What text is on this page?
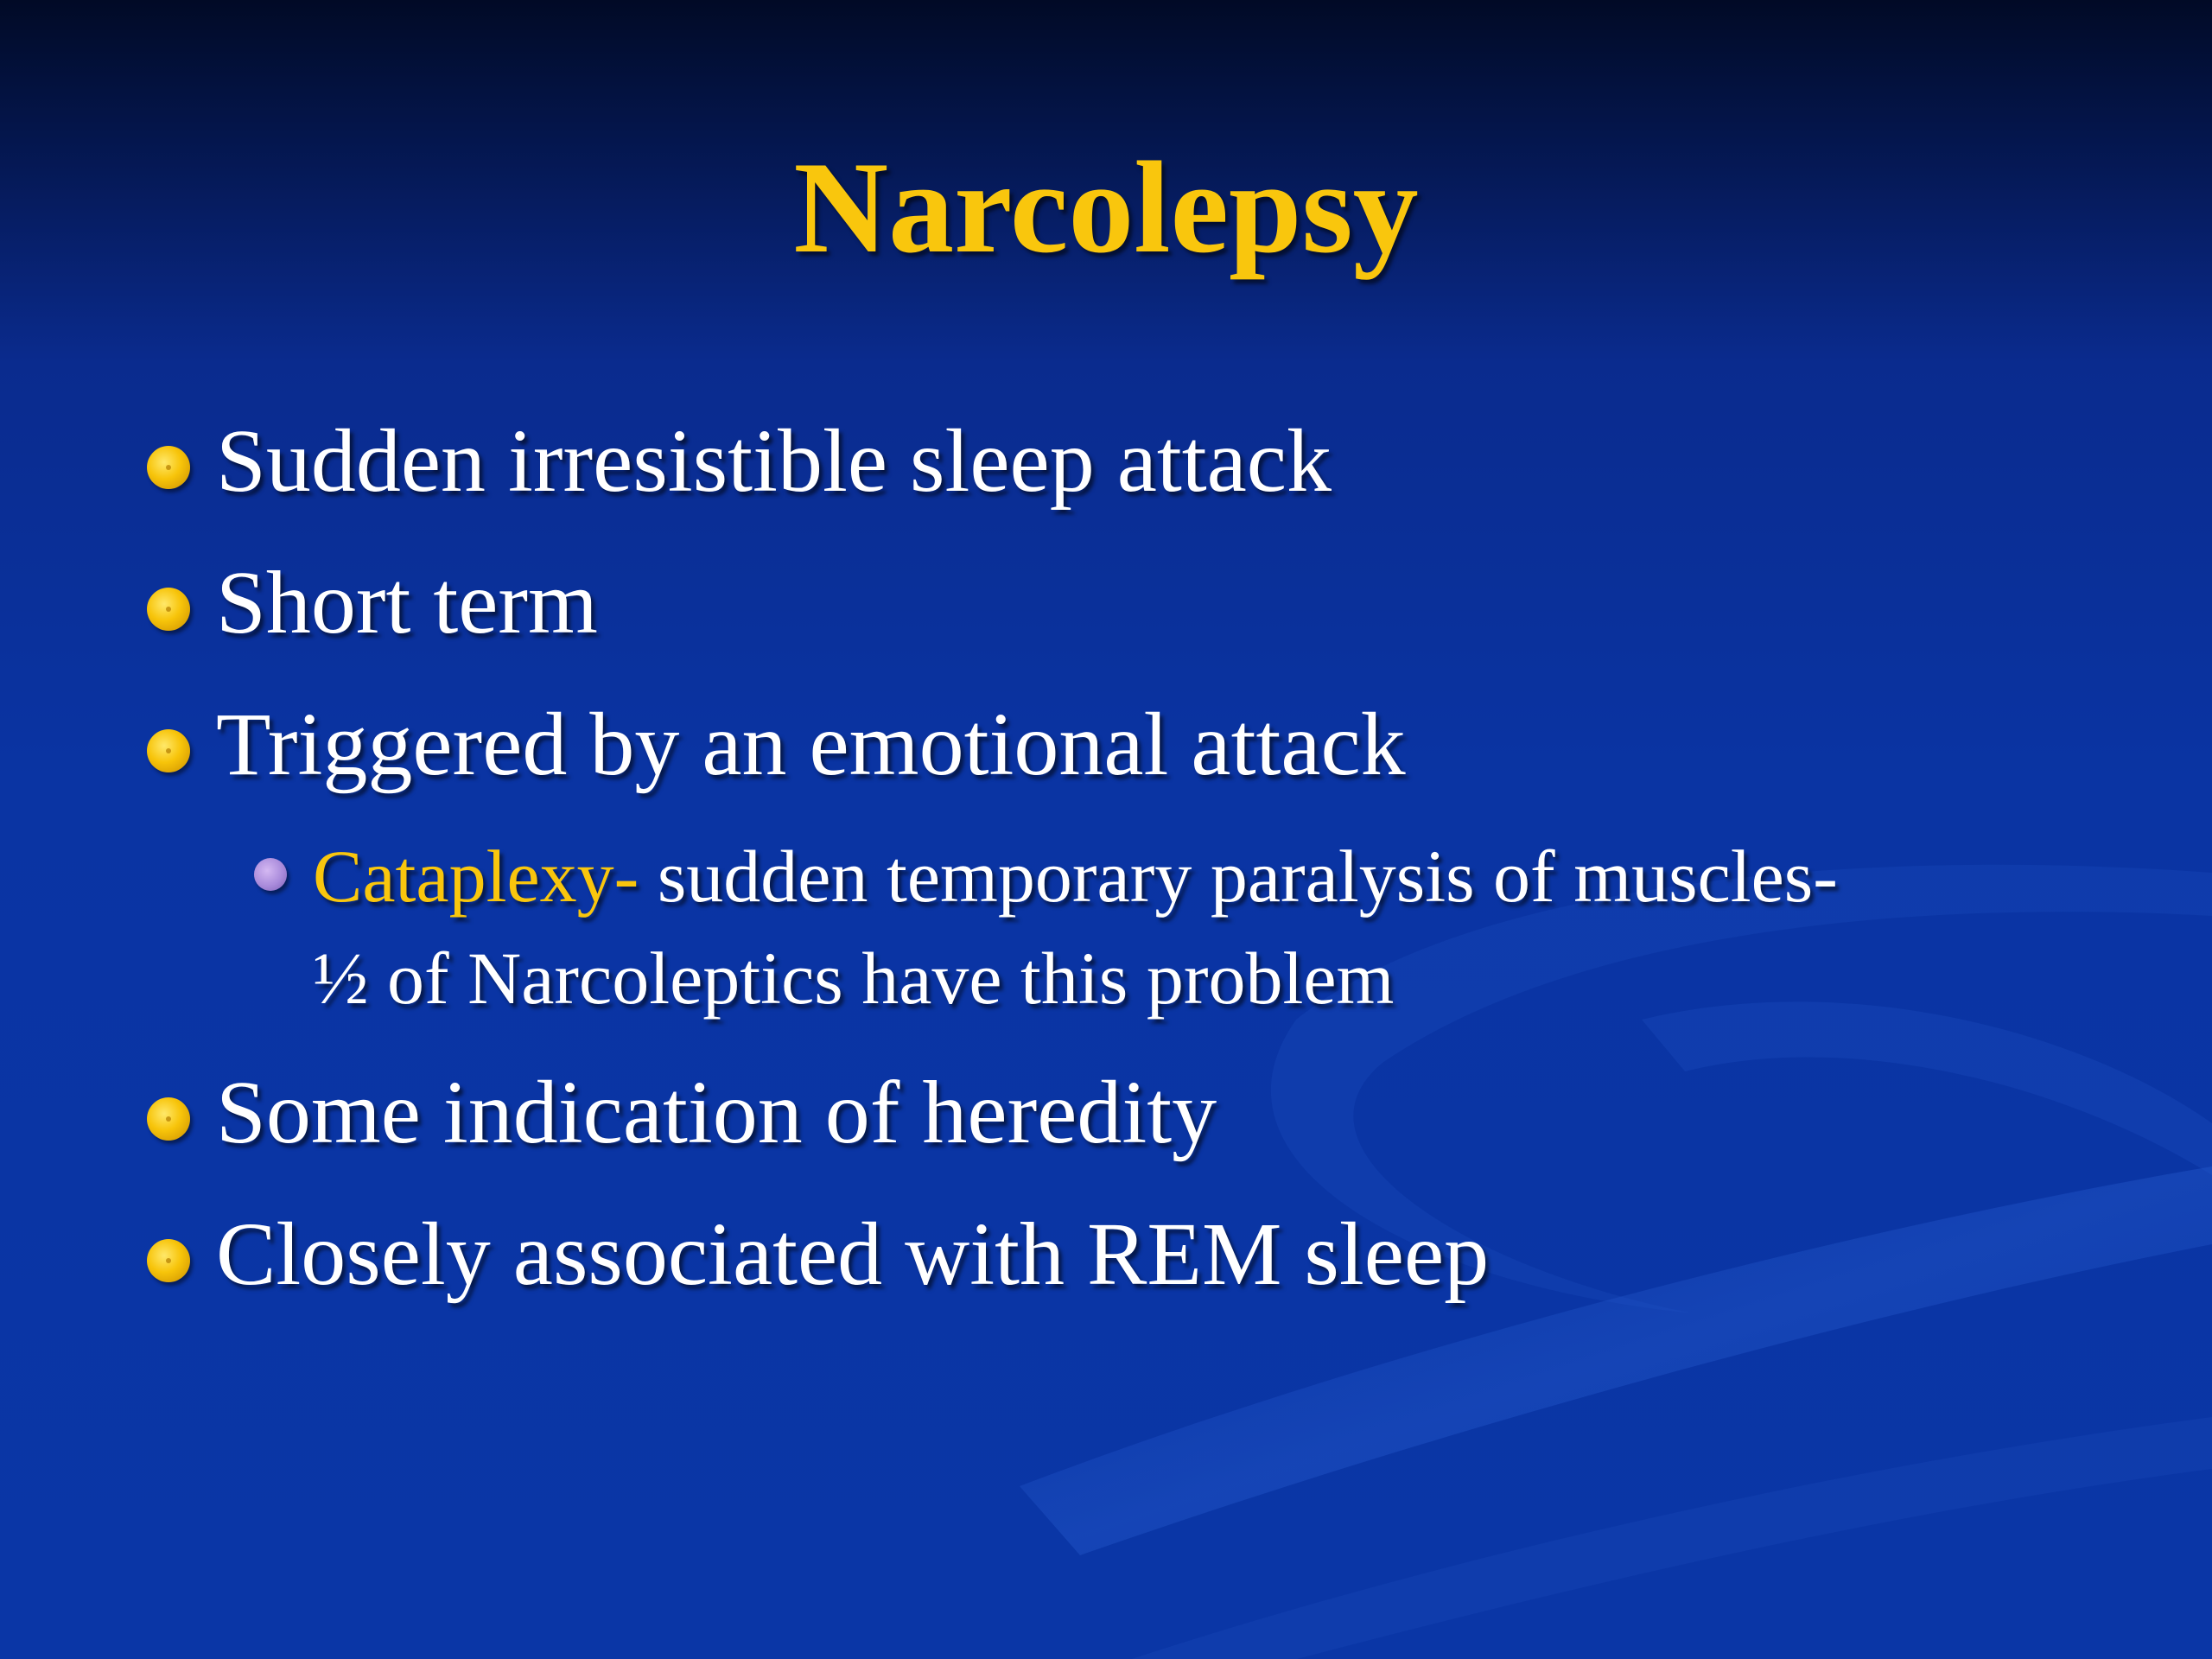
Narcolepsy
Sudden irresistible sleep attack
Short term
Triggered by an emotional attack
Cataplexy- sudden temporary paralysis of muscles-
½ of Narcoleptics have this problem
Some indication of heredity
Closely associated with REM sleep
